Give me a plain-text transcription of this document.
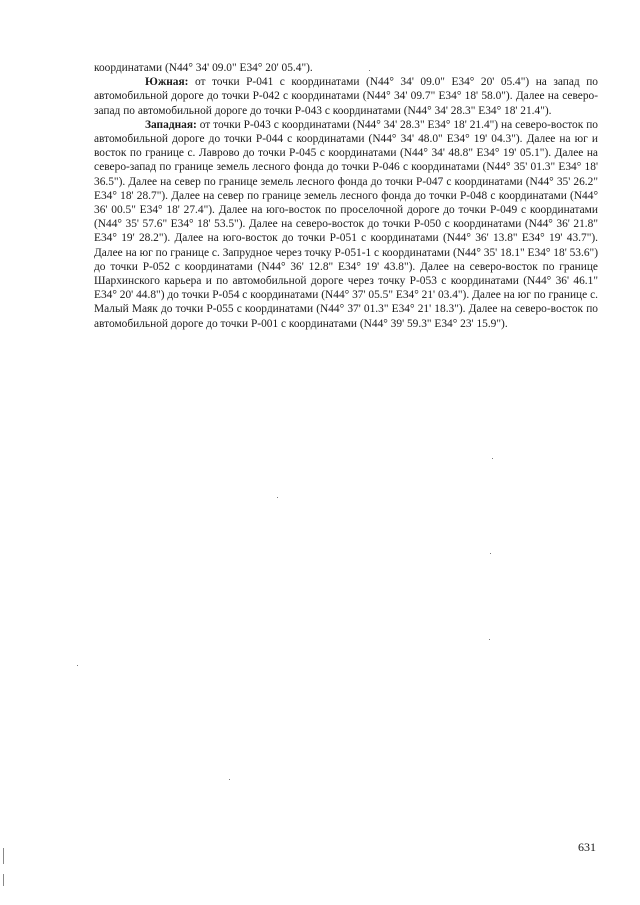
координатами (N44° 34' 09.0" E34° 20' 05.4").

Южная: от точки Р-041 с координатами (N44° 34' 09.0" E34° 20' 05.4") на запад по автомобильной дороге до точки Р-042 с координатами (N44° 34' 09.7" E34° 18' 58.0"). Далее на северо-запад по автомобильной дороге до точки Р-043 с координатами (N44° 34' 28.3" E34° 18' 21.4").

Западная: от точки Р-043 с координатами (N44° 34' 28.3" E34° 18' 21.4") на северо-восток по автомобильной дороге до точки Р-044 с координатами (N44° 34' 48.0" E34° 19' 04.3"). Далее на юг и восток по границе с. Лаврово до точки Р-045 с координатами (N44° 34' 48.8" E34° 19' 05.1"). Далее на северо-запад по границе земель лесного фонда до точки Р-046 с координатами (N44° 35' 01.3" E34° 18' 36.5"). Далее на север по границе земель лесного фонда до точки Р-047 с координатами (N44° 35' 26.2" E34° 18' 28.7"). Далее на север по границе земель лесного фонда до точки Р-048 с координатами (N44° 36' 00.5" E34° 18' 27.4"). Далее на юго-восток по проселочной дороге до точки Р-049 с координатами (N44° 35' 57.6" E34° 18' 53.5"). Далее на северо-восток до точки Р-050 с координатами (N44° 36' 21.8" E34° 19' 28.2"). Далее на юго-восток до точки Р-051 с координатами (N44° 36' 13.8" E34° 19' 43.7"). Далее на юг по границе с. Запрудное через точку Р-051-1 с координатами (N44° 35' 18.1" E34° 18' 53.6") до точки Р-052 с координатами (N44° 36' 12.8" E34° 19' 43.8"). Далее на северо-восток по границе Шархинского карьера и по автомобильной дороге через точку Р-053 с координатами (N44° 36' 46.1" E34° 20' 44.8") до точки Р-054 с координатами (N44° 37' 05.5" E34° 21' 03.4"). Далее на юг по границе с. Малый Маяк до точки Р-055 с координатами (N44° 37' 01.3" E34° 21' 18.3"). Далее на северо-восток по автомобильной дороге до точки Р-001 с координатами (N44° 39' 59.3" E34° 23' 15.9").

631
